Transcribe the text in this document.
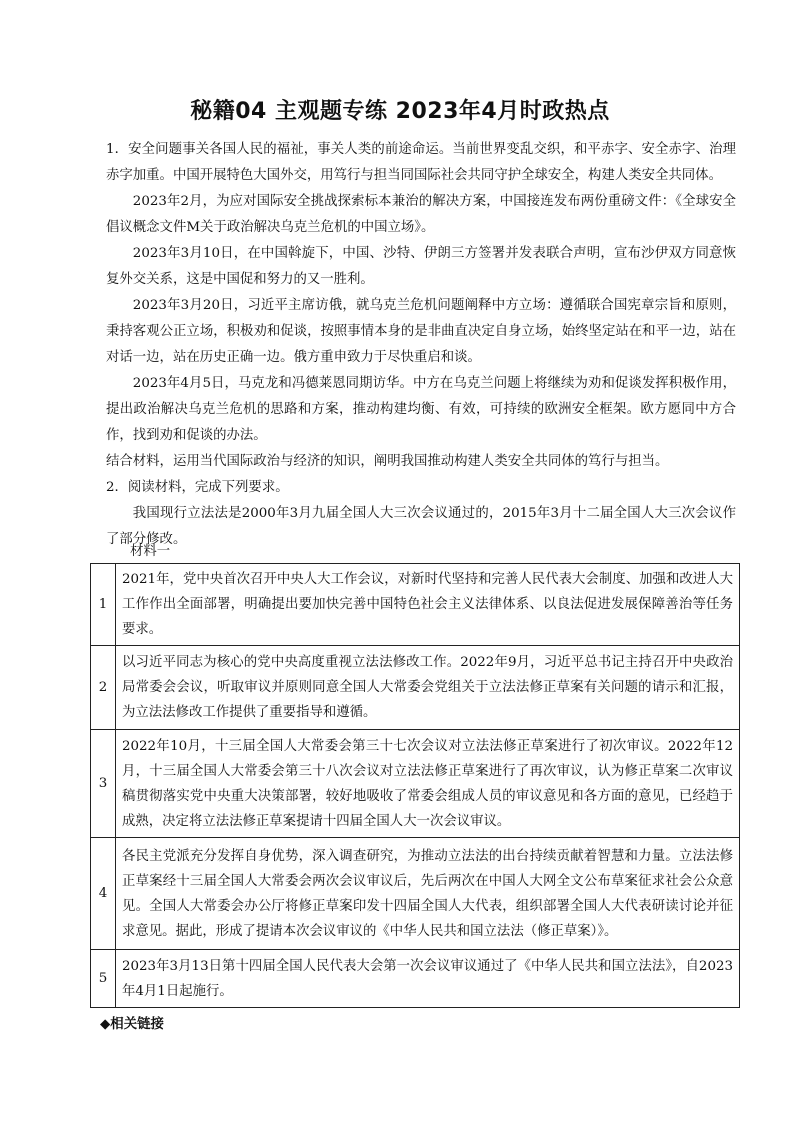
秘籍04 主观题专练 2023年4月时政热点

1．安全问题事关各国人民的福祉，事关人类的前途命运。当前世界变乱交织，和平赤字、安全赤字、治理赤字加重。中国开展特色大国外交，用笃行与担当同国际社会共同守护全球安全，构建人类安全共同体。

2023年2月，为应对国际安全挑战探索标本兼治的解决方案，中国接连发布两份重磅文件：《全球安全倡议概念文件M关于政治解决乌克兰危机的中国立场》。

2023年3月10日，在中国斡旋下，中国、沙特、伊朗三方签署并发表联合声明，宣布沙伊双方同意恢复外交关系，这是中国促和努力的又一胜利。

2023年3月20日，习近平主席访俄，就乌克兰危机问题阐释中方立场：遵循联合国宪章宗旨和原则，秉持客观公正立场，积极劝和促谈，按照事情本身的是非曲直决定自身立场，始终坚定站在和平一边，站在对话一边，站在历史正确一边。俄方重申致力于尽快重启和谈。

2023年4月5日，马克龙和冯德莱恩同期访华。中方在乌克兰问题上将继续为劝和促谈发挥积极作用，提出政治解决乌克兰危机的思路和方案，推动构建均衡、有效，可持续的欧洲安全框架。欧方愿同中方合作，找到劝和促谈的办法。

结合材料，运用当代国际政治与经济的知识，阐明我国推动构建人类安全共同体的笃行与担当。

2．阅读材料，完成下列要求。

我国现行立法法是2000年3月九届全国人大三次会议通过的，2015年3月十二届全国人大三次会议作了部分修改。

材料一
1	2021年，党中央首次召开中央人大工作会议，对新时代坚持和完善人民代表大会制度、加强和改进人大工作作出全面部署，明确提出要加快完善中国特色社会主义法律体系、以良法促进发展保障善治等任务要求。
2	以习近平同志为核心的党中央高度重视立法法修改工作。2022年9月，习近平总书记主持召开中央政治局常委会会议，听取审议并原则同意全国人大常委会党组关于立法法修正草案有关问题的请示和汇报，为立法法修改工作提供了重要指导和遵循。
3	2022年10月，十三届全国人大常委会第三十七次会议对立法法修正草案进行了初次审议。2022年12月，十三届全国人大常委会第三十八次会议对立法法修正草案进行了再次审议，认为修正草案二次审议稿贯彻落实党中央重大决策部署，较好地吸收了常委会组成人员的审议意见和各方面的意见，已经趋于成熟，决定将立法法修正草案提请十四届全国人大一次会议审议。
4	各民主党派充分发挥自身优势，深入调查研究，为推动立法法的出台持续贡献着智慧和力量。立法法修正草案经十三届全国人大常委会两次会议审议后，先后两次在中国人大网全文公布草案征求社会公众意见。全国人大常委会办公厅将修正草案印发十四届全国人大代表，组织部署全国人大代表研读讨论并征求意见。据此，形成了提请本次会议审议的《中华人民共和国立法法（修正草案）》。
5	2023年3月13日第十四届全国人民代表大会第一次会议审议通过了《中华人民共和国立法法》，自2023年4月1日起施行。
◆相关链接
